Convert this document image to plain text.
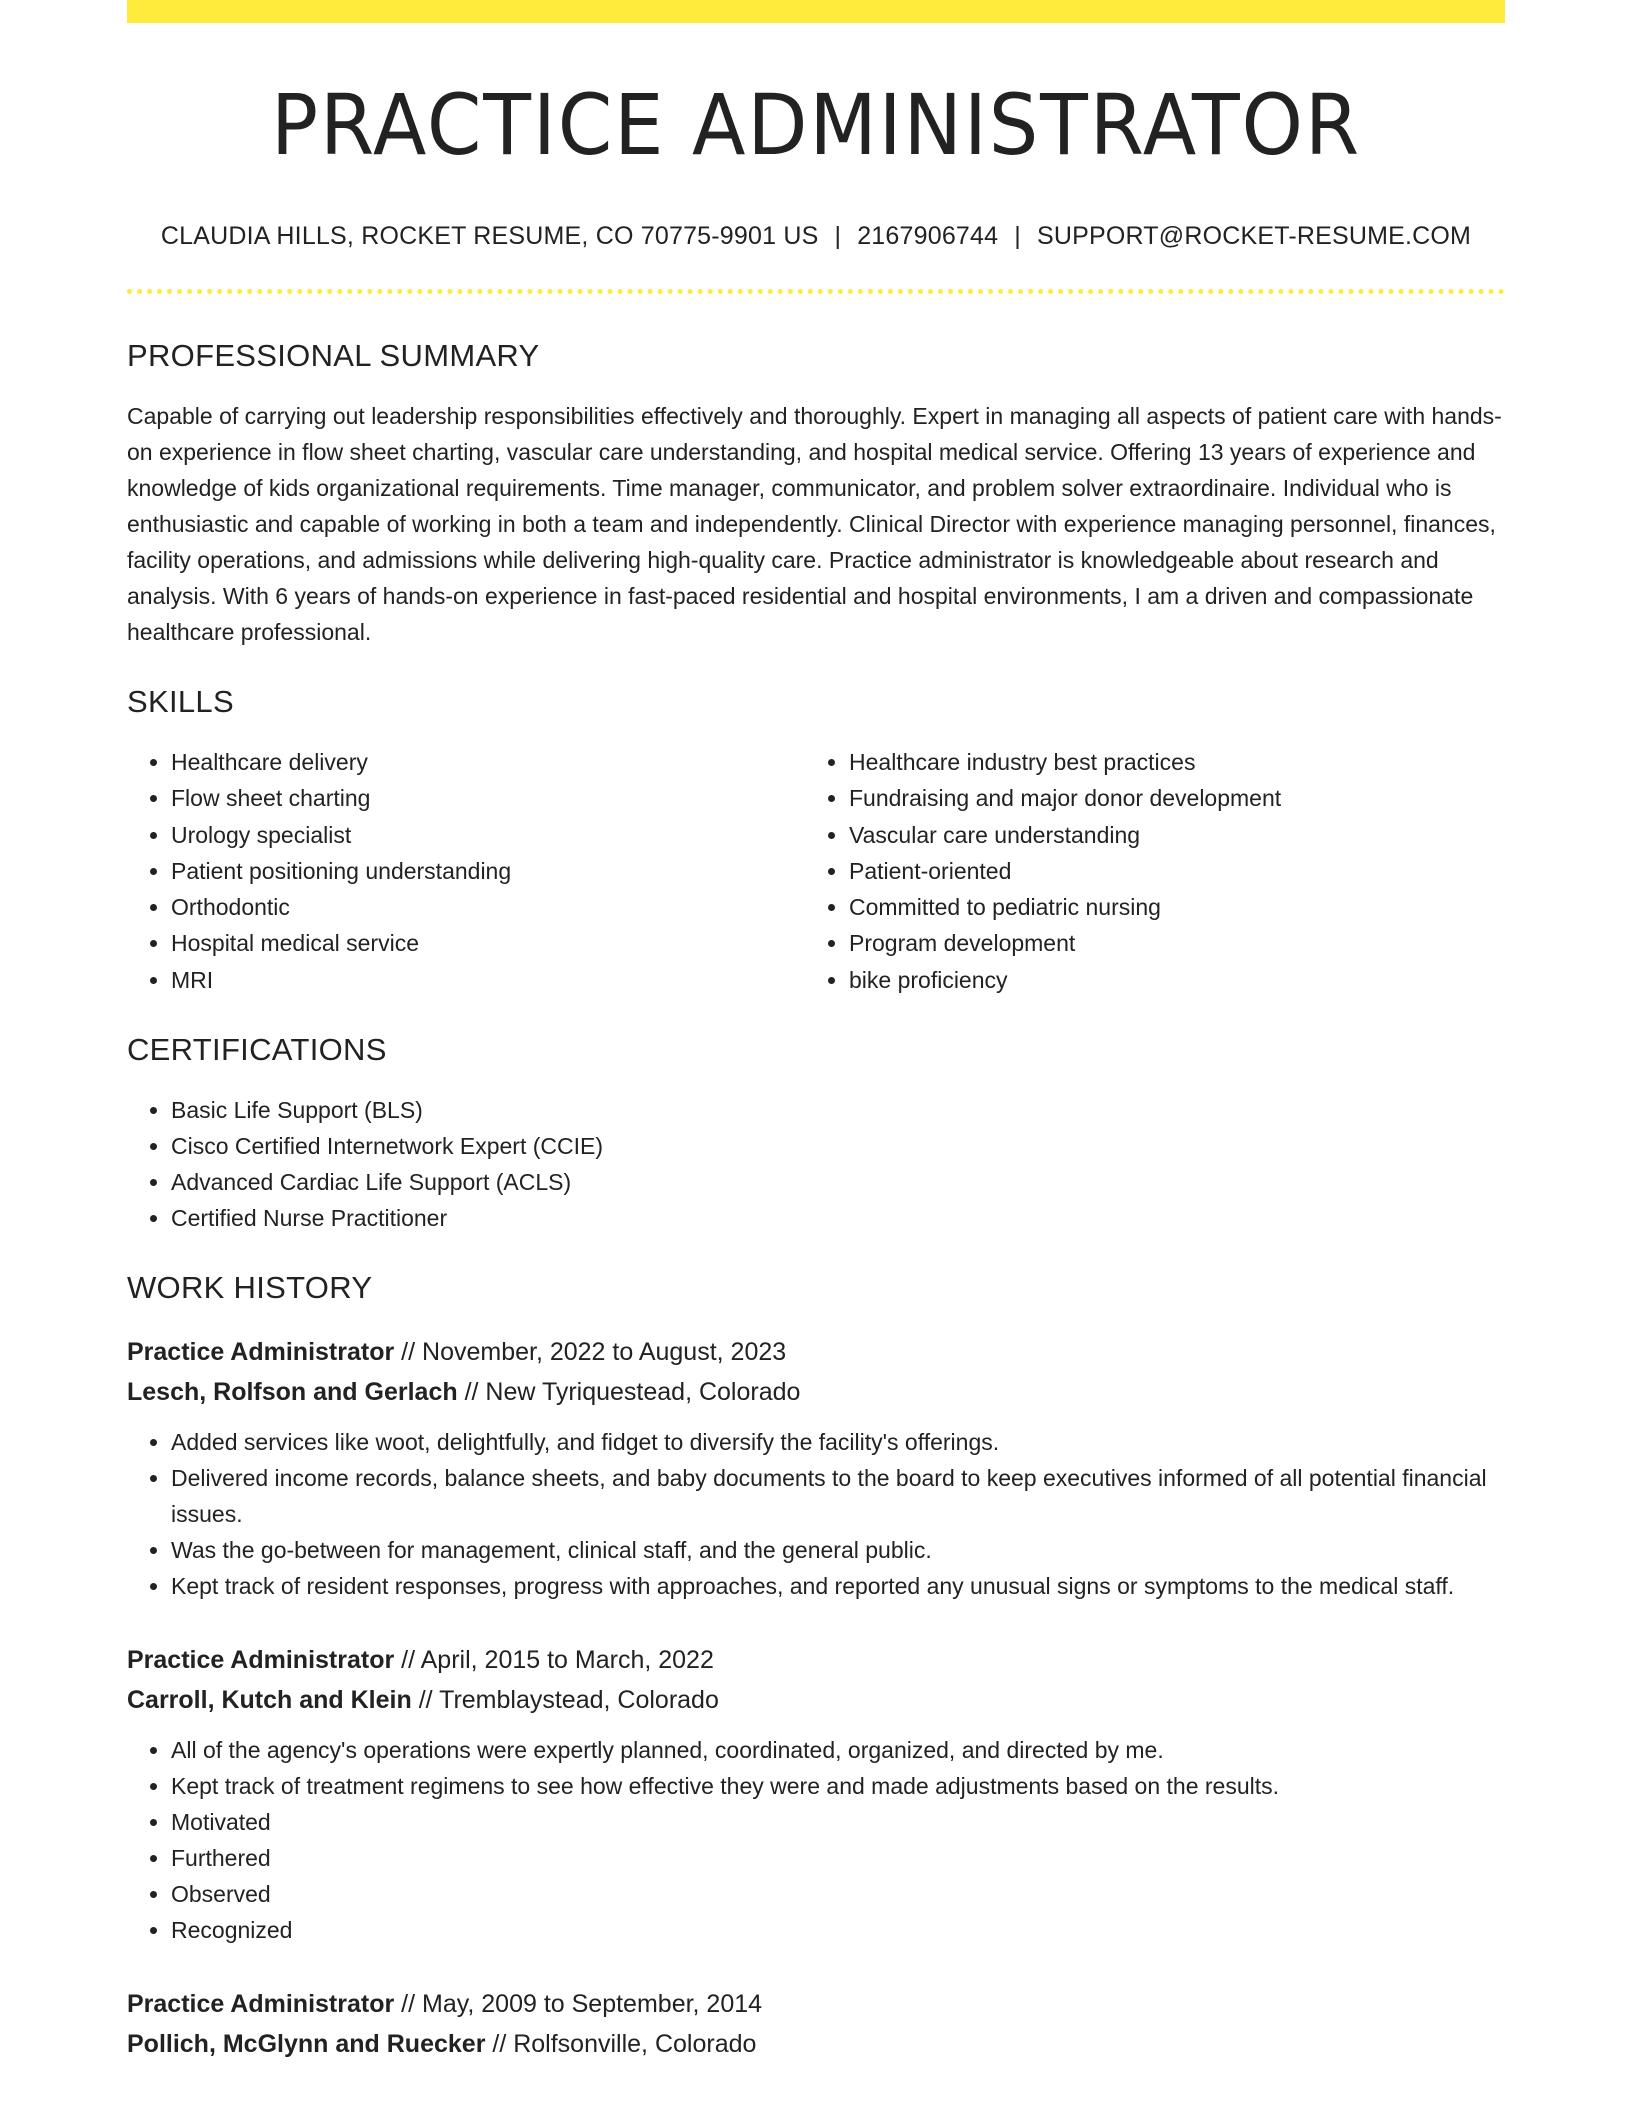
PRACTICE ADMINISTRATOR
CLAUDIA HILLS, ROCKET RESUME, CO 70775-9901 US | 2167906744 | SUPPORT@ROCKET-RESUME.COM
PROFESSIONAL SUMMARY
Capable of carrying out leadership responsibilities effectively and thoroughly. Expert in managing all aspects of patient care with hands-on experience in flow sheet charting, vascular care understanding, and hospital medical service. Offering 13 years of experience and knowledge of kids organizational requirements. Time manager, communicator, and problem solver extraordinaire. Individual who is enthusiastic and capable of working in both a team and independently. Clinical Director with experience managing personnel, finances, facility operations, and admissions while delivering high-quality care. Practice administrator is knowledgeable about research and analysis. With 6 years of hands-on experience in fast-paced residential and hospital environments, I am a driven and compassionate healthcare professional.
SKILLS
• Healthcare delivery
• Flow sheet charting
• Urology specialist
• Patient positioning understanding
• Orthodontic
• Hospital medical service
• MRI
• Healthcare industry best practices
• Fundraising and major donor development
• Vascular care understanding
• Patient-oriented
• Committed to pediatric nursing
• Program development
• bike proficiency
CERTIFICATIONS
• Basic Life Support (BLS)
• Cisco Certified Internetwork Expert (CCIE)
• Advanced Cardiac Life Support (ACLS)
• Certified Nurse Practitioner
WORK HISTORY
Practice Administrator // November, 2022 to August, 2023
Lesch, Rolfson and Gerlach // New Tyriquestead, Colorado
• Added services like woot, delightfully, and fidget to diversify the facility's offerings.
• Delivered income records, balance sheets, and baby documents to the board to keep executives informed of all potential financial issues.
• Was the go-between for management, clinical staff, and the general public.
• Kept track of resident responses, progress with approaches, and reported any unusual signs or symptoms to the medical staff.
Practice Administrator // April, 2015 to March, 2022
Carroll, Kutch and Klein // Tremblaystead, Colorado
• All of the agency's operations were expertly planned, coordinated, organized, and directed by me.
• Kept track of treatment regimens to see how effective they were and made adjustments based on the results.
• Motivated
• Furthered
• Observed
• Recognized
Practice Administrator // May, 2009 to September, 2014
Pollich, McGlynn and Ruecker // Rolfsonville, Colorado
